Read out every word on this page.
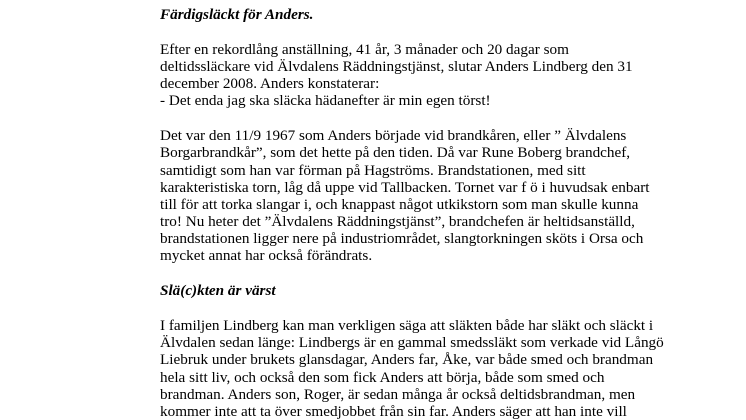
Färdigsläckt för Anders.
Efter en rekordlång anställning, 41 år, 3 månader och 20 dagar som
deltidssläckare vid Älvdalens Räddningstjänst, slutar Anders Lindberg den 31
december 2008. Anders konstaterar:
- Det enda jag ska släcka hädanefter är min egen törst!
Det var den 11/9 1967 som Anders började vid brandkåren, eller ” Älvdalens
Borgarbrandkår”, som det hette på den tiden. Då var Rune Boberg brandchef,
samtidigt som han var förman på Hagströms. Brandstationen, med sitt
karakteristiska torn, låg då uppe vid Tallbacken. Tornet var f ö i huvudsak enbart
till för att torka slangar i, och knappast något utkikstorn som man skulle kunna
tro! Nu heter det ”Älvdalens Räddningstjänst”, brandchefen är heltidsanställd,
brandstationen ligger nere på industriområdet, slangtorkningen sköts i Orsa och
mycket annat har också förändrats.
Slä(c)kten är värst
I familjen Lindberg kan man verkligen säga att släkten både har släkt och släckt i
Älvdalen sedan länge: Lindbergs är en gammal smedssläkt som verkade vid Långö
Liebruk under brukets glansdagar, Anders far, Åke, var både smed och brandman
hela sitt liv, och också den som fick Anders att börja, både som smed och
brandman. Anders son, Roger, är sedan många år också deltidsbrandman, men
kommer inte att ta över smedjobbet från sin far. Anders säger att han inte vill
